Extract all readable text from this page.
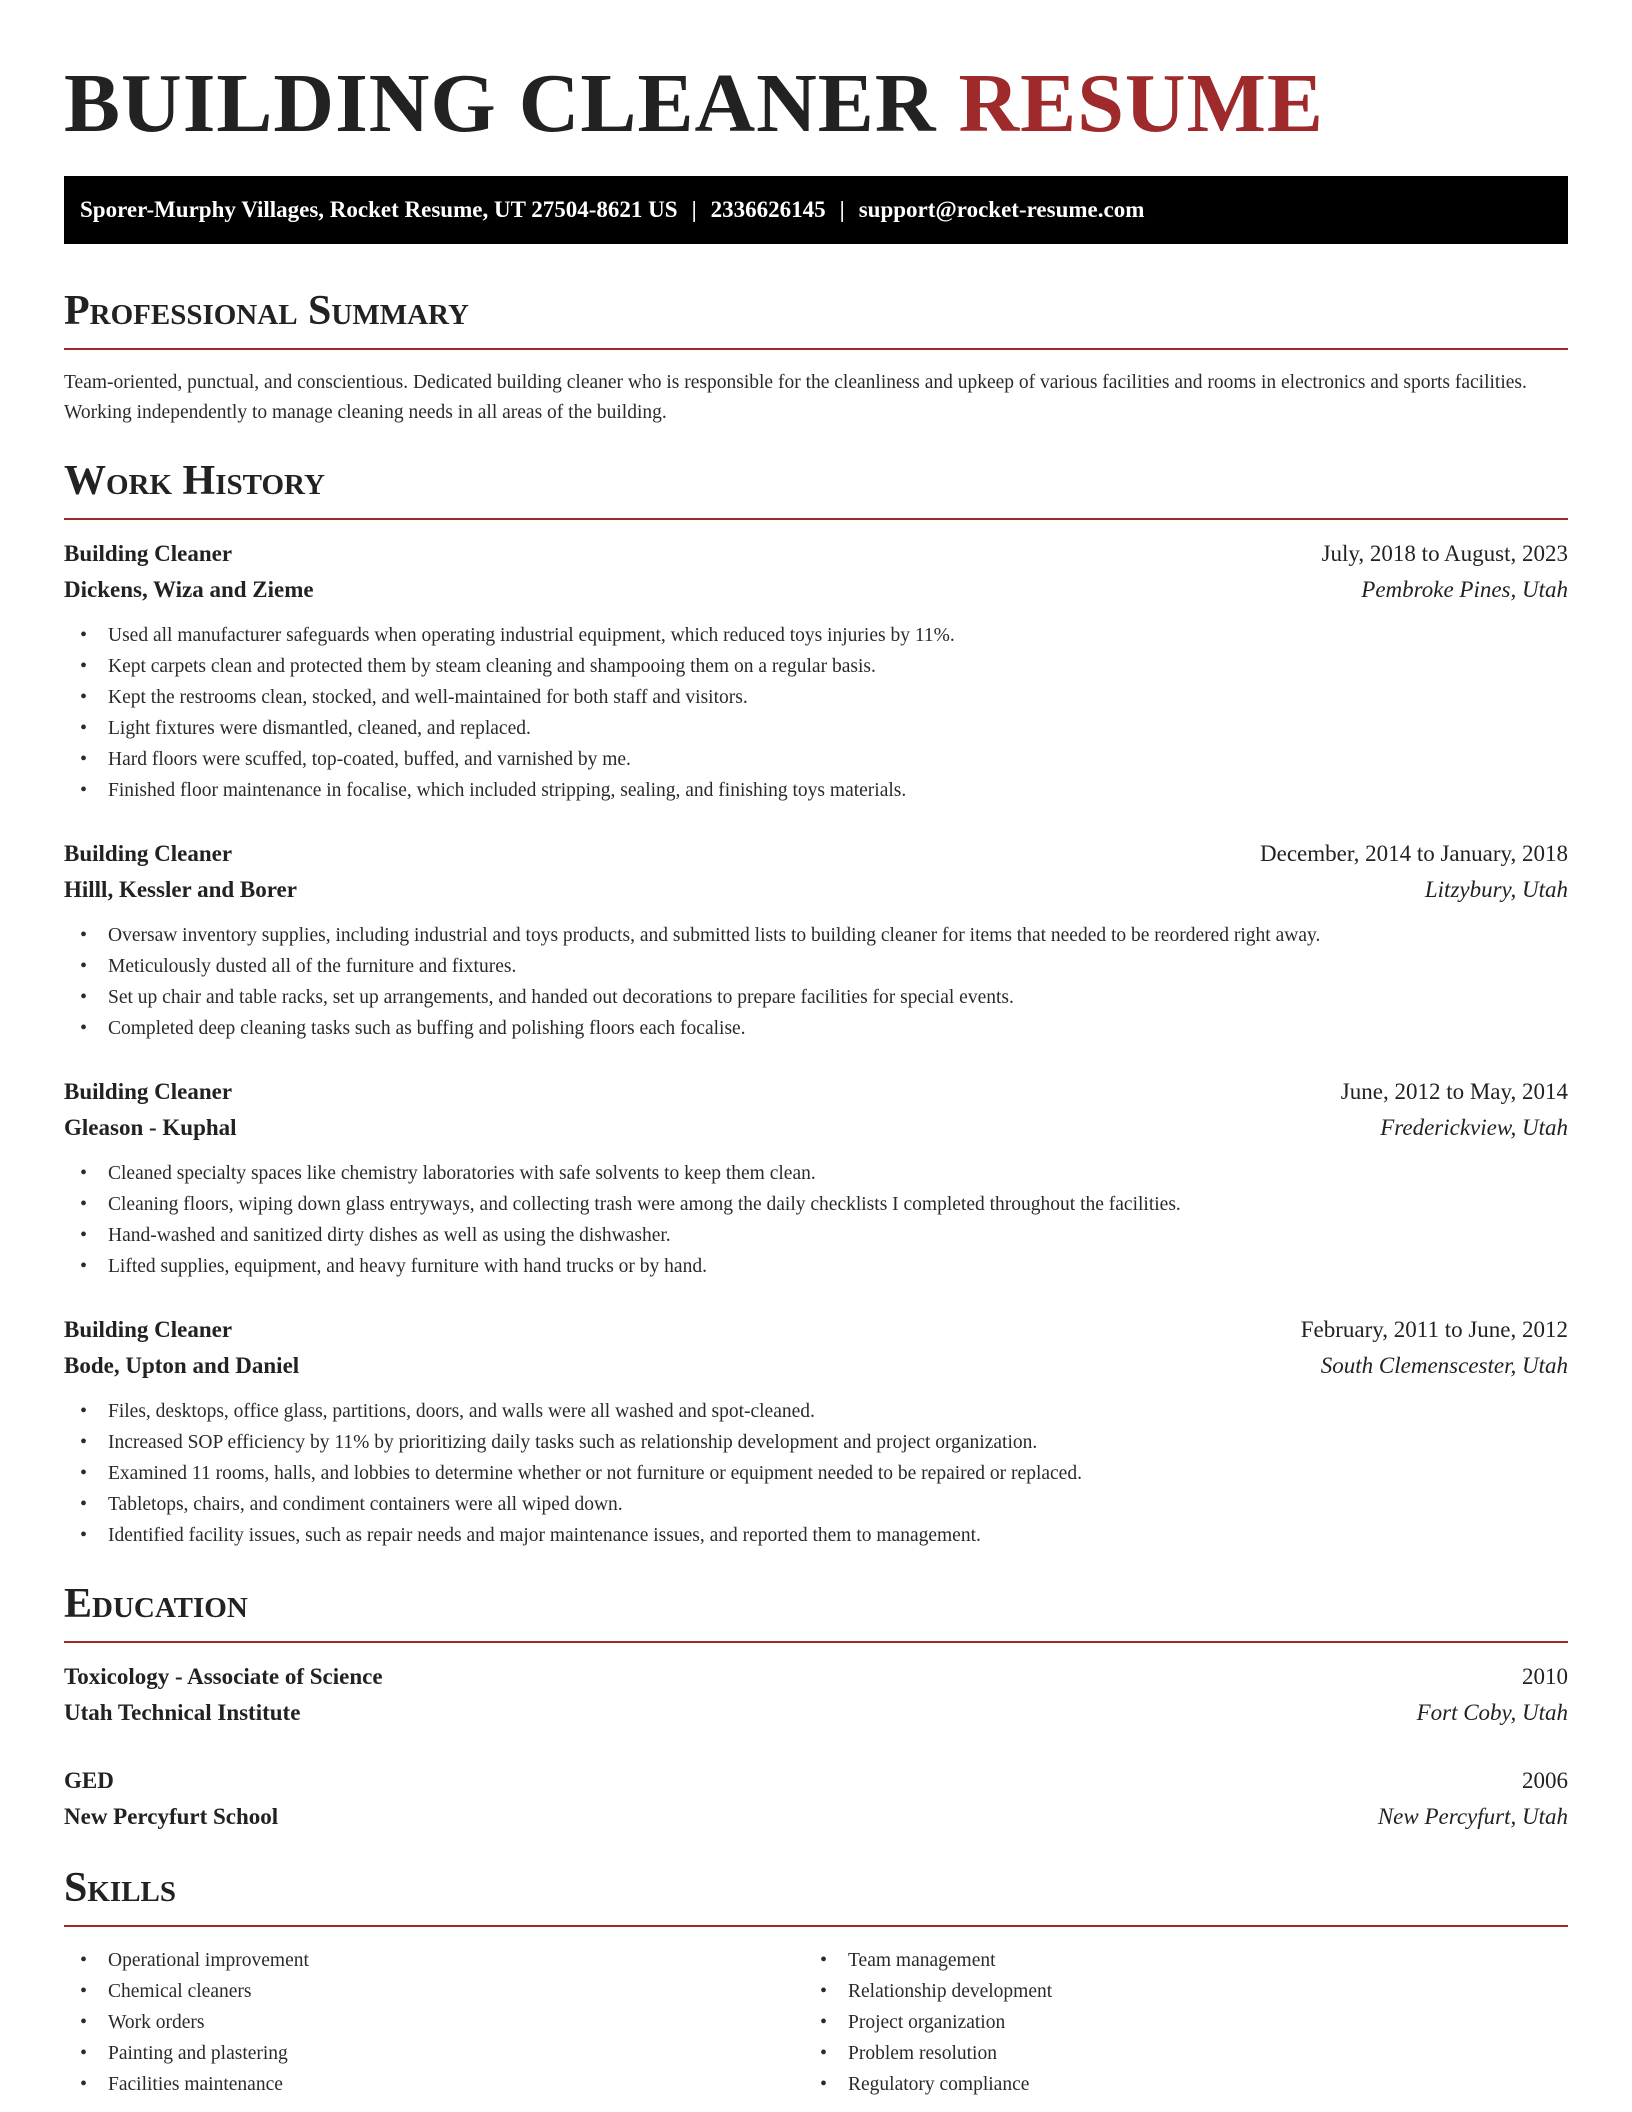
BUILDING CLEANER RESUME
Sporer-Murphy Villages, Rocket Resume, UT 27504-8621 US | 2336626145 | support@rocket-resume.com
Professional Summary

Team-oriented, punctual, and conscientious. Dedicated building cleaner who is responsible for the cleanliness and upkeep of various facilities and rooms in electronics and sports facilities. Working independently to manage cleaning needs in all areas of the building.

Work History
Building Cleaner	July, 2018 to August, 2023
Dickens, Wiza and Zieme	Pembroke Pines, Utah
• Used all manufacturer safeguards when operating industrial equipment, which reduced toys injuries by 11%.
• Kept carpets clean and protected them by steam cleaning and shampooing them on a regular basis.
• Kept the restrooms clean, stocked, and well-maintained for both staff and visitors.
• Light fixtures were dismantled, cleaned, and replaced.
• Hard floors were scuffed, top-coated, buffed, and varnished by me.
• Finished floor maintenance in focalise, which included stripping, sealing, and finishing toys materials.
Building Cleaner	December, 2014 to January, 2018
Hilll, Kessler and Borer	Litzybury, Utah
• Oversaw inventory supplies, including industrial and toys products, and submitted lists to building cleaner for items that needed to be reordered right away.
• Meticulously dusted all of the furniture and fixtures.
• Set up chair and table racks, set up arrangements, and handed out decorations to prepare facilities for special events.
• Completed deep cleaning tasks such as buffing and polishing floors each focalise.
Building Cleaner	June, 2012 to May, 2014
Gleason - Kuphal	Frederickview, Utah
• Cleaned specialty spaces like chemistry laboratories with safe solvents to keep them clean.
• Cleaning floors, wiping down glass entryways, and collecting trash were among the daily checklists I completed throughout the facilities.
• Hand-washed and sanitized dirty dishes as well as using the dishwasher.
• Lifted supplies, equipment, and heavy furniture with hand trucks or by hand.
Building Cleaner	February, 2011 to June, 2012
Bode, Upton and Daniel	South Clemenscester, Utah
• Files, desktops, office glass, partitions, doors, and walls were all washed and spot-cleaned.
• Increased SOP efficiency by 11% by prioritizing daily tasks such as relationship development and project organization.
• Examined 11 rooms, halls, and lobbies to determine whether or not furniture or equipment needed to be repaired or replaced.
• Tabletops, chairs, and condiment containers were all wiped down.
• Identified facility issues, such as repair needs and major maintenance issues, and reported them to management.
Education
Toxicology - Associate of Science	2010
Utah Technical Institute	Fort Coby, Utah
GED	2006
New Percyfurt School	New Percyfurt, Utah
Skills
• Operational improvement
• Chemical cleaners
• Work orders
• Painting and plastering
• Facilities maintenance
• Team management
• Relationship development
• Project organization
• Problem resolution
• Regulatory compliance
